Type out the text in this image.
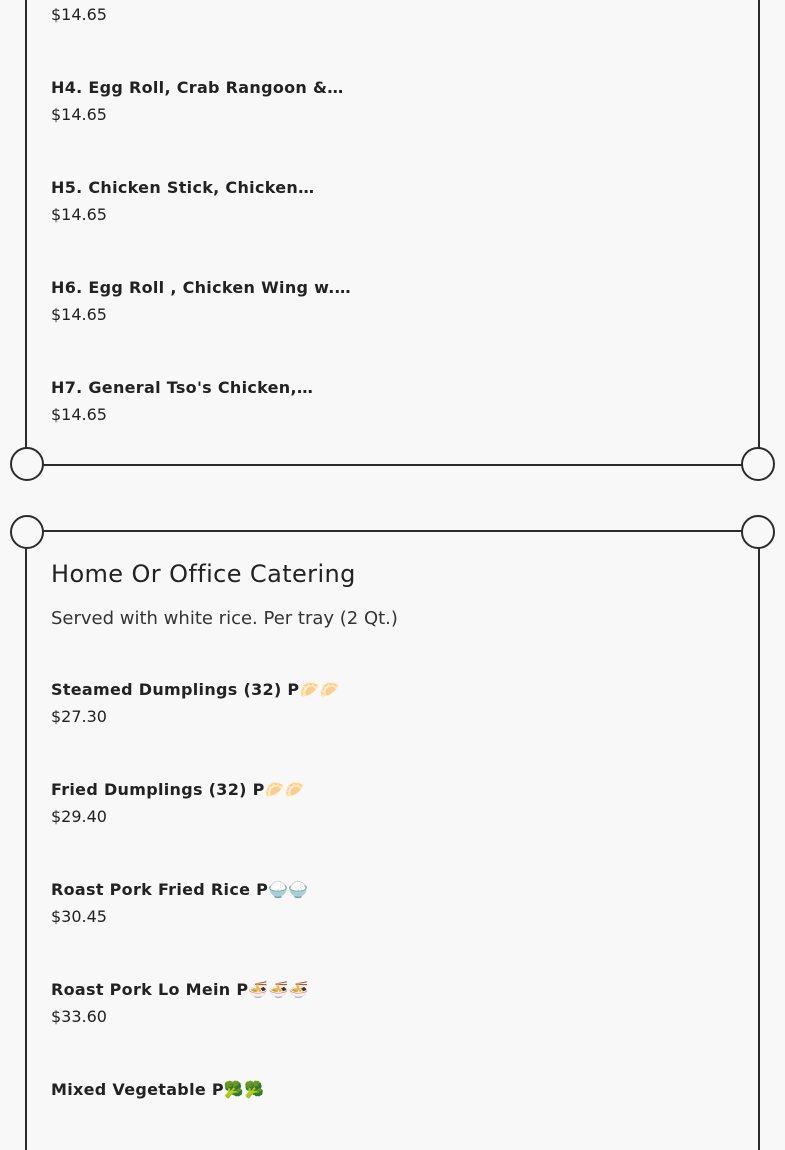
$14.65
H4. Egg Roll, Crab Rangoon &…
$14.65
H5. Chicken Stick, Chicken…
$14.65
H6. Egg Roll , Chicken Wing w.…
$14.65
H7. General Tso's Chicken,…
$14.65
Home Or Office Catering
Served with white rice. Per tray (2 Qt.)
Steamed Dumplings (32) P🥟🥟
$27.30
Fried Dumplings (32) P🥟🥟
$29.40
Roast Pork Fried Rice P🍚🍚
$30.45
Roast Pork Lo Mein P🍜🍜🍜
$33.60
Mixed Vegetable P🥦🥦
